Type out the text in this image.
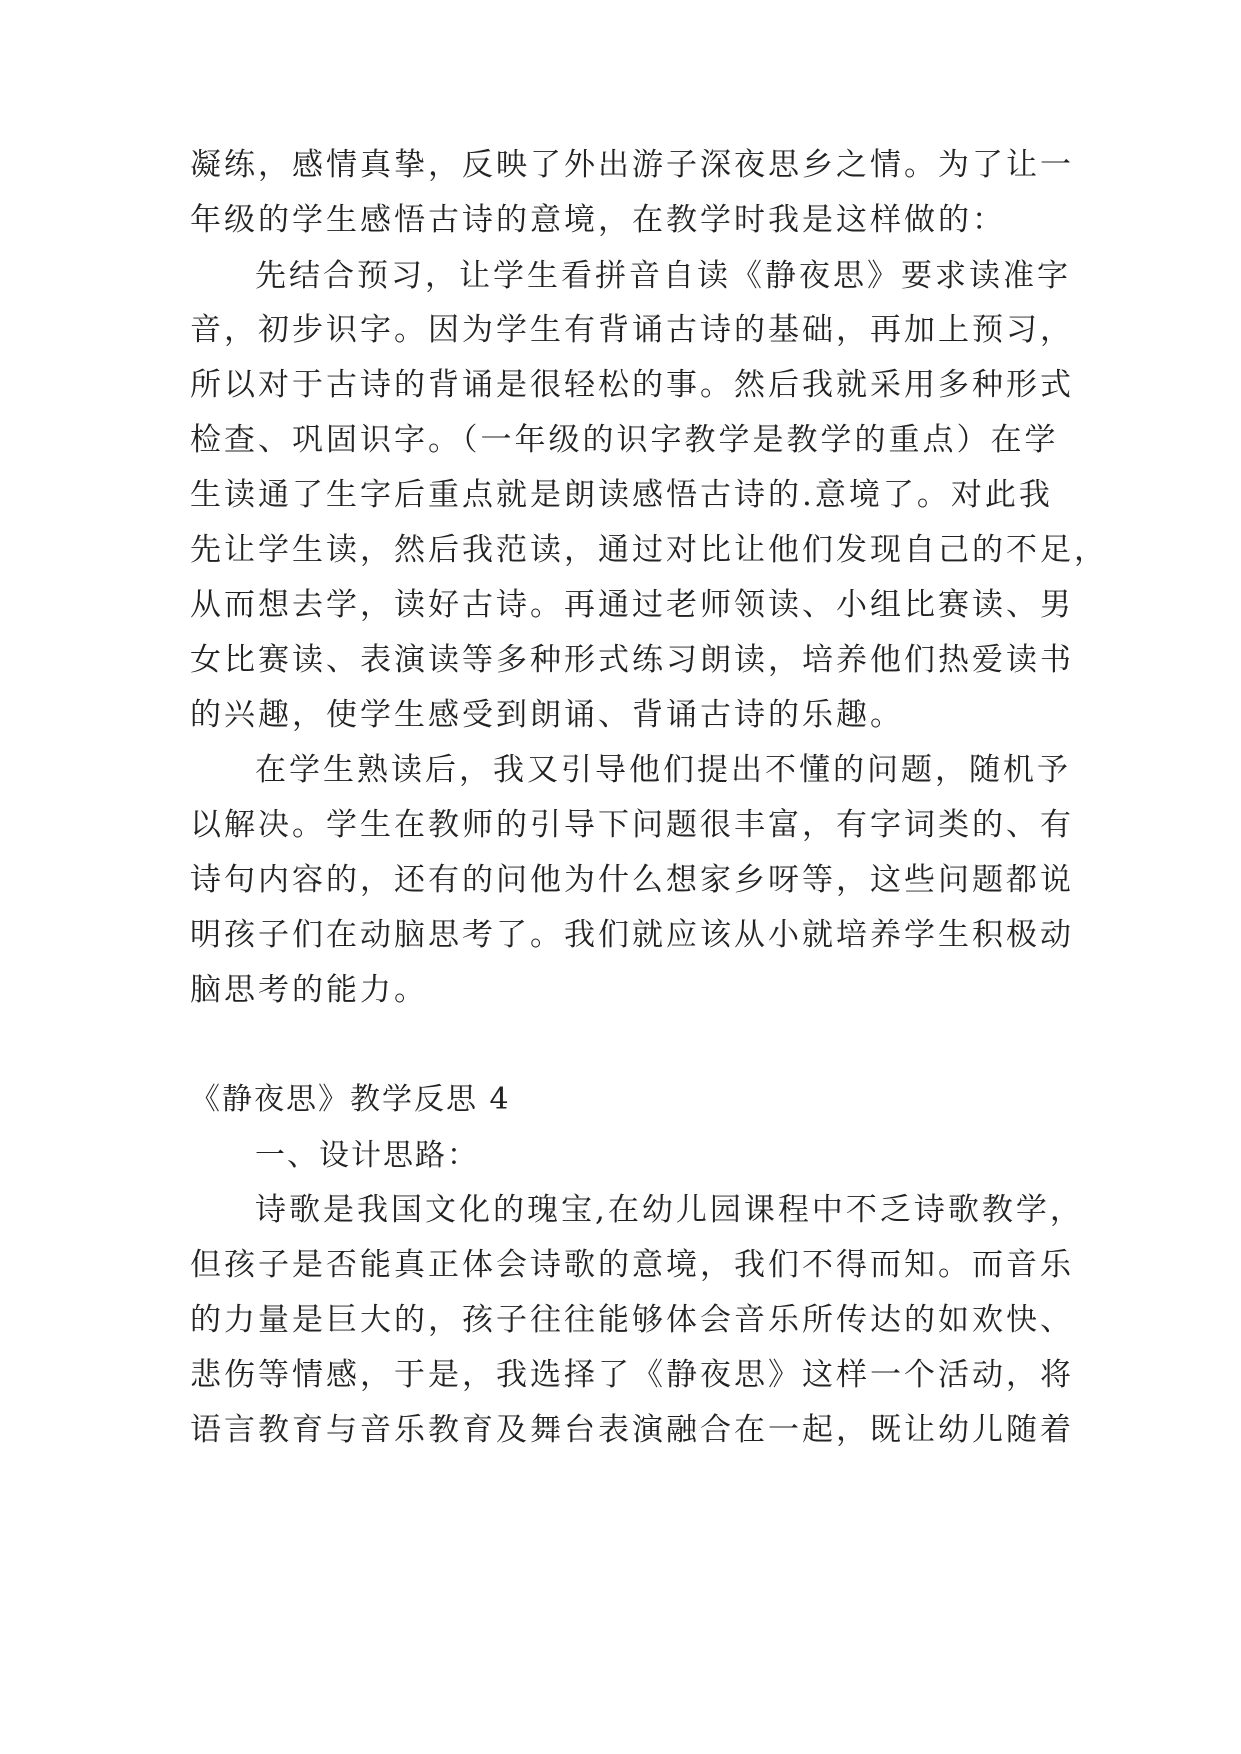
凝练，感情真挚，反映了外出游子深夜思乡之情。为了让一
年级的学生感悟古诗的意境，在教学时我是这样做的：
先结合预习，让学生看拼音自读《静夜思》要求读准字
音，初步识字。因为学生有背诵古诗的基础，再加上预习，
所以对于古诗的背诵是很轻松的事。然后我就采用多种形式
检查、巩固识字。（一年级的识字教学是教学的重点）在学
生读通了生字后重点就是朗读感悟古诗的.意境了。对此我
先让学生读，然后我范读，通过对比让他们发现自己的不足，
从而想去学，读好古诗。再通过老师领读、小组比赛读、男
女比赛读、表演读等多种形式练习朗读，培养他们热爱读书
的兴趣，使学生感受到朗诵、背诵古诗的乐趣。
在学生熟读后，我又引导他们提出不懂的问题，随机予
以解决。学生在教师的引导下问题很丰富，有字词类的、有
诗句内容的，还有的问他为什么想家乡呀等，这些问题都说
明孩子们在动脑思考了。我们就应该从小就培养学生积极动
脑思考的能力。
《静夜思》教学反思 4
一、设计思路：
诗歌是我国文化的瑰宝,在幼儿园课程中不乏诗歌教学，
但孩子是否能真正体会诗歌的意境，我们不得而知。而音乐
的力量是巨大的，孩子往往能够体会音乐所传达的如欢快、
悲伤等情感，于是，我选择了《静夜思》这样一个活动，将
语言教育与音乐教育及舞台表演融合在一起，既让幼儿随着
